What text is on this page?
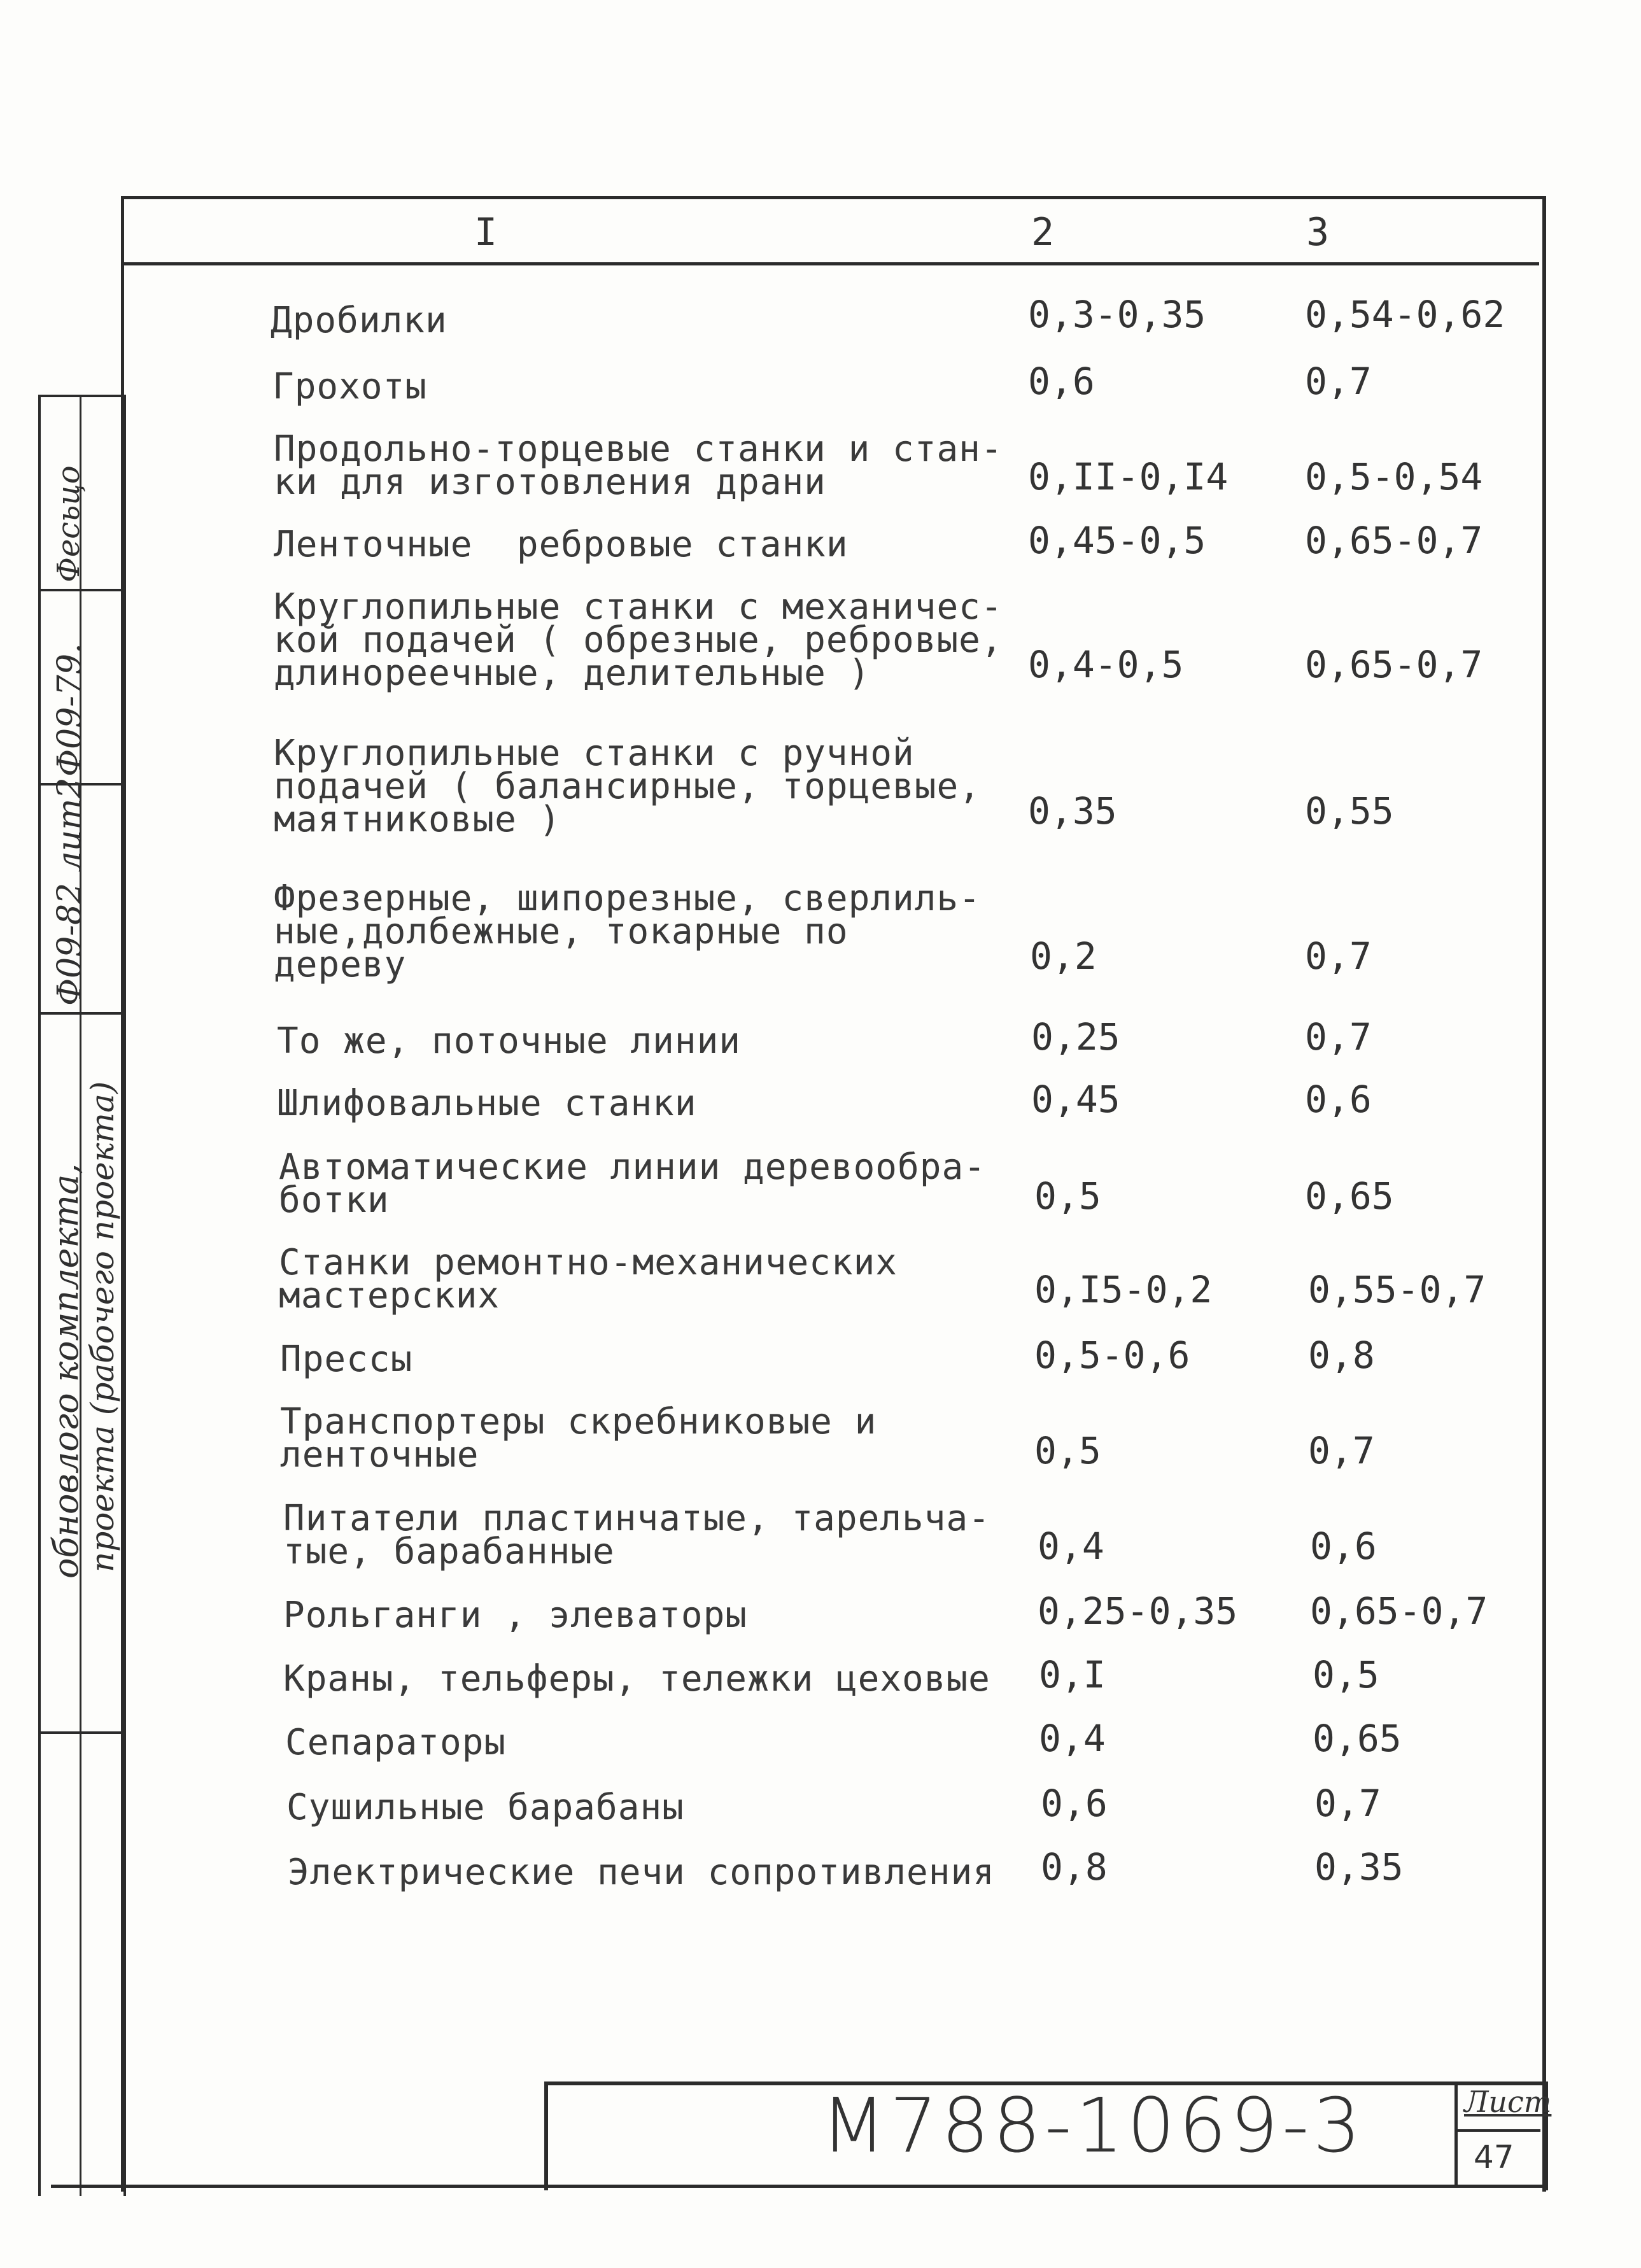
I	2	3
Дробилки	0,3-0,35	0,54-0,62
Грохоты	0,6	0,7
Продольно-торцевые станки и стан-
ки для изготовления драни	0,II-0,I4 0,5-0,54
Ленточные  ребровые станки	0,45-0,5	0,65-0,7
Круглопильные станки с механичес-
кой подачей ( обрезные, ребровые,
длинореечные, делительные )	0,4-0,5	0,65-0,7
Круглопильные станки с ручной
подачей ( балансирные, торцевые,
маятниковые )	0,35	0,55
Фрезерные, шипорезные, сверлиль-
ные,долбежные, токарные по
дереву	0,2	0,7
То же, поточные линии	0,25	0,7
Шлифовальные станки	0,45	0,6
Автоматические линии деревообра-
ботки	0,5	0,65
Станки ремонтно-механических
мастерских	0,I5-0,2	0,55-0,7
Прессы	0,5-0,6	0,8
Транспортеры скребниковые и
ленточные	0,5	0,7
Питатели пластинчатые, тарельча-
тые, барабанные	0,4	0,6
Рольганги , элеваторы	0,25-0,35 0,65-0,7
Краны, тельферы, тележки цеховые 0,I	0,5
Сепараторы	0,4	0,65
Сушильные барабаны	0,6	0,7
Электрические печи сопротивления 0,8	0,35
М788-1069-3	Лист
47
обновлого комплекта,
проекта (рабочего проекта)
Ф09-82 лит2
Ф09-79.
Фесьцо
